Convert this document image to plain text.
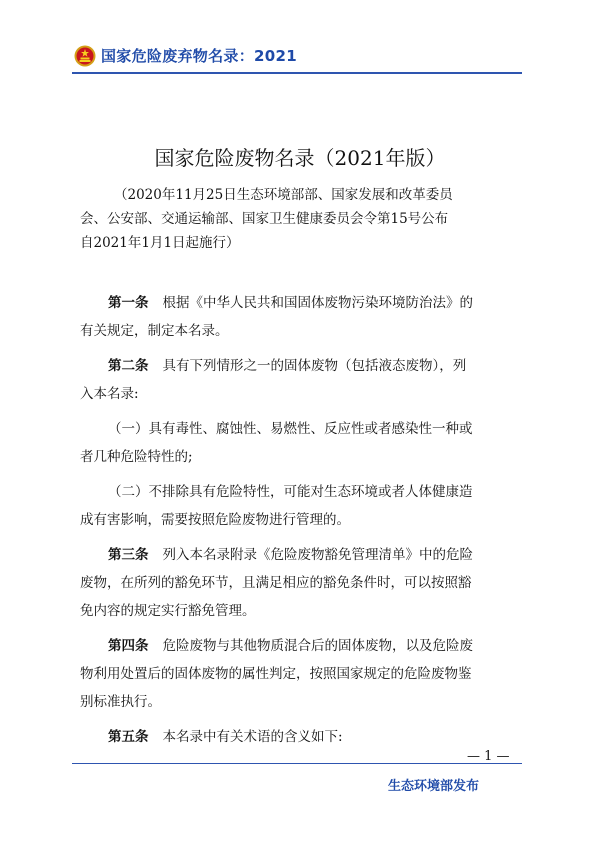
国家危险废弃物名录：2021
国家危险废物名录（2021年版）

（2020年11月25日生态环境部部、国家发展和改革委员

会、公安部、交通运输部、国家卫生健康委员会令第15号公布

自2021年1月1日起施行）

第一条 根据《中华人民共和国固体废物污染环境防治法》的
有关规定，制定本名录。
第二条 具有下列情形之一的固体废物（包括液态废物），列
入本名录:
（一）具有毒性、腐蚀性、易燃性、反应性或者感染性一种或
者几种危险特性的;
（二）不排除具有危险特性，可能对生态环境或者人体健康造
成有害影响，需要按照危险废物进行管理的。
第三条 列入本名录附录《危险废物豁免管理清单》中的危险
废物，在所列的豁免环节，且满足相应的豁免条件时，可以按照豁
免内容的规定实行豁免管理。
第四条 危险废物与其他物质混合后的固体废物，以及危险废
物利用处置后的固体废物的属性判定，按照国家规定的危险废物鉴
别标准执行。
第五条 本名录中有关术语的含义如下:
— 1 —
生态环境部发布
